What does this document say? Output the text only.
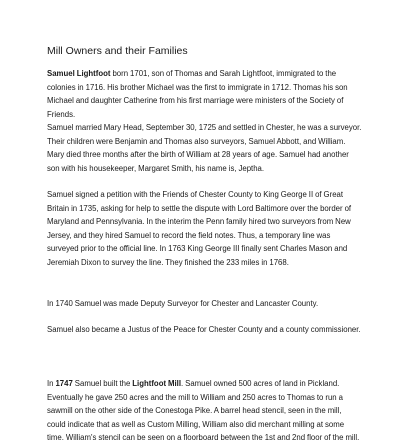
Mill Owners and their Families

Samuel Lightfoot born 1701, son of Thomas and Sarah Lightfoot, immigrated to the colonies in 1716. His brother Michael was the first to immigrate in 1712. Thomas his son Michael and daughter Catherine from his first marriage were ministers of the Society of Friends.

Samuel married Mary Head, September 30, 1725 and settled in Chester, he was a surveyor. Their children were Benjamin and Thomas also surveyors, Samuel Abbott, and William. Mary died three months after the birth of William at 28 years of age. Samuel had another son with his housekeeper, Margaret Smith, his name is, Jeptha.

Samuel signed a petition with the Friends of Chester County to King George II of Great Britain in 1735, asking for help to settle the dispute with Lord Baltimore over the border of Maryland and Pennsylvania. In the interim the Penn family hired two surveyors from New Jersey, and they hired Samuel to record the field notes. Thus, a temporary line was surveyed prior to the official line. In 1763 King George III finally sent Charles Mason and Jeremiah Dixon to survey the line. They finished the 233 miles in 1768.

In 1740 Samuel was made Deputy Surveyor for Chester and Lancaster County.

Samuel also became a Justus of the Peace for Chester County and a county commissioner.

In 1747 Samuel built the Lightfoot Mill. Samuel owned 500 acres of land in Pickland. Eventually he gave 250 acres and the mill to William and 250 acres to Thomas to run a sawmill on the other side of the Conestoga Pike. A barrel head stencil, seen in the mill, could indicate that as well as Custom Milling, William also did merchant milling at some time. William's stencil can be seen on a floorboard between the 1st and 2nd floor of the mill.
